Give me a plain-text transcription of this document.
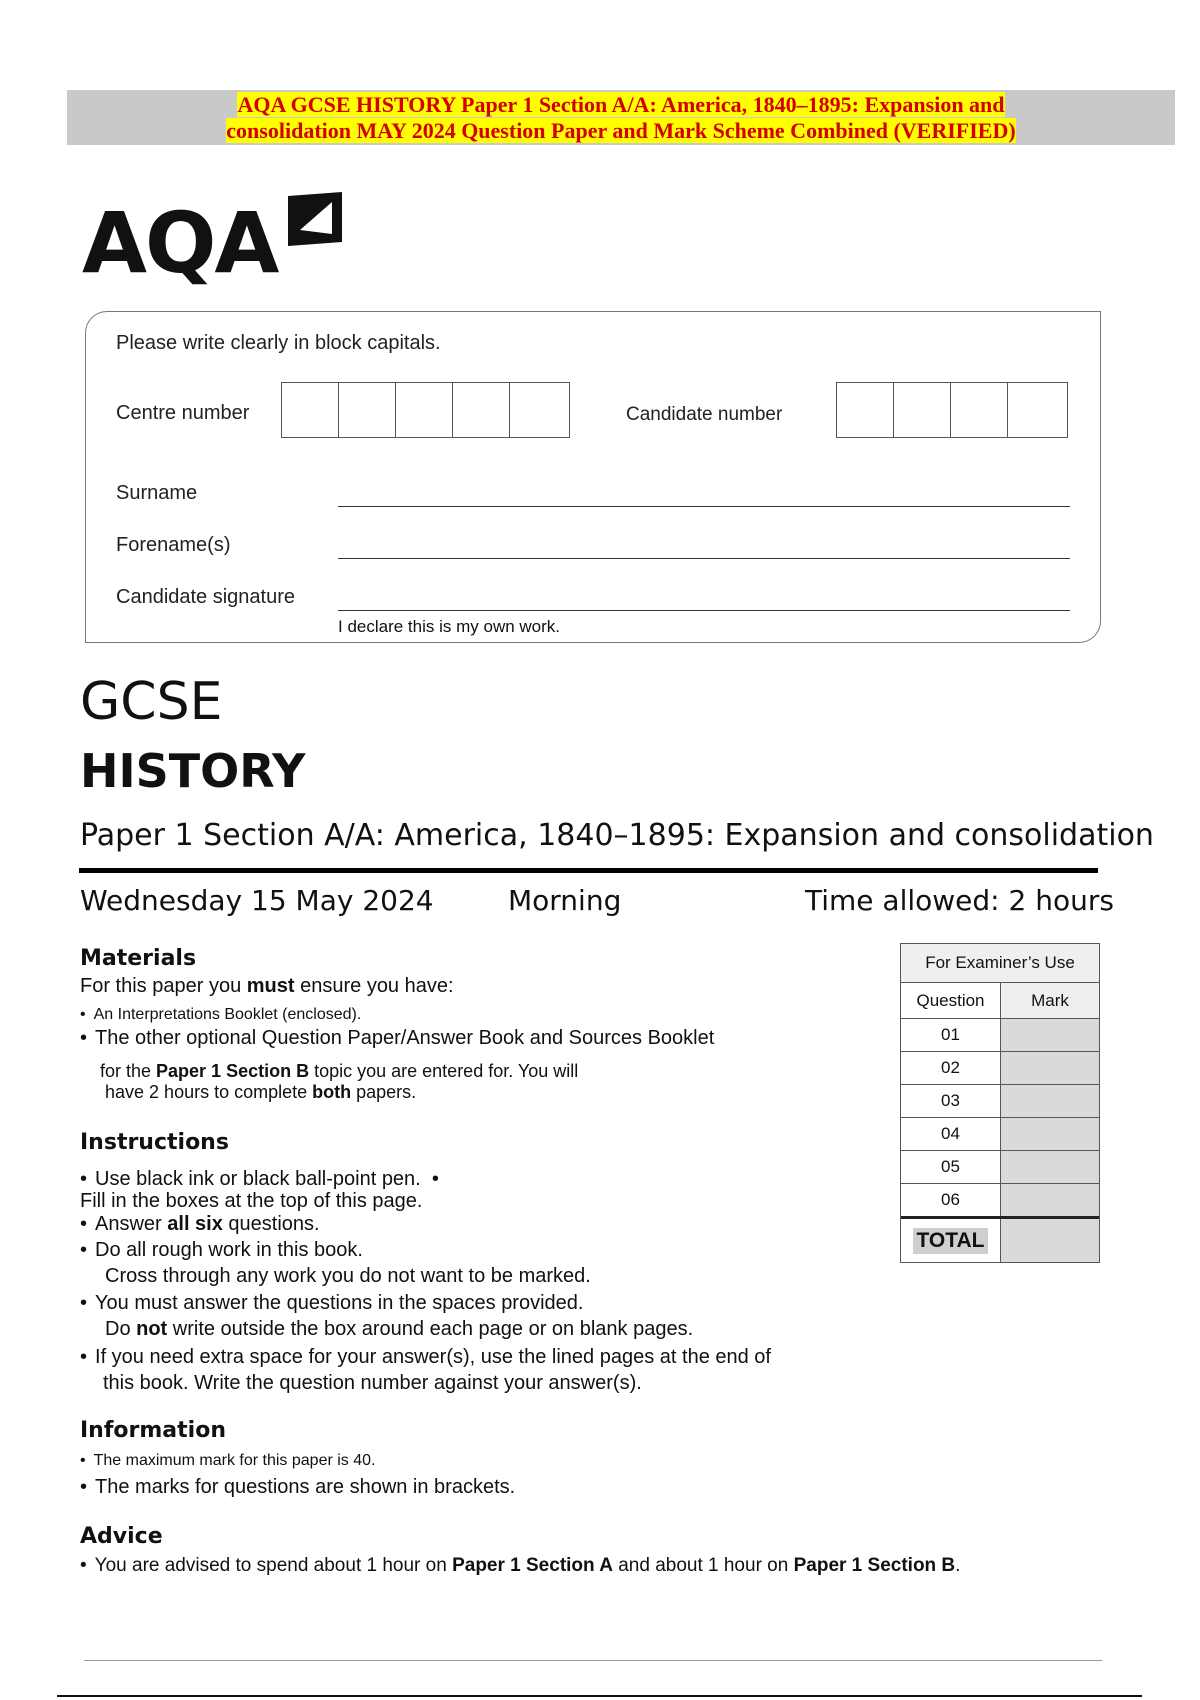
AQA GCSE HISTORY Paper 1 Section A/A: America, 1840–1895: Expansion and
consolidation MAY 2024 Question Paper and Mark Scheme Combined (VERIFIED)
AQA
Please write clearly in block capitals.
Centre number	Candidate number
Surname
Forename(s)
Candidate signature
I declare this is my own work.
GCSE
HISTORY
Paper 1 Section A/A: America, 1840–1895: Expansion and consolidation
Wednesday 15 May 2024	Morning	Time allowed: 2 hours
Materials
For this paper you must ensure you have:
• An Interpretations Booklet (enclosed).
• The other optional Question Paper/Answer Book and Sources Booklet
for the Paper 1 Section B topic you are entered for. You will
have 2 hours to complete both papers.
Instructions
• Use black ink or black ball-point pen.  •
Fill in the boxes at the top of this page.
• Answer all six questions.
• Do all rough work in this book.
Cross through any work you do not want to be marked.
• You must answer the questions in the spaces provided.
Do not write outside the box around each page or on blank pages.
• If you need extra space for your answer(s), use the lined pages at the end of
this book. Write the question number against your answer(s).
Information
• The maximum mark for this paper is 40.
• The marks for questions are shown in brackets.
Advice
• You are advised to spend about 1 hour on Paper 1 Section A and about 1 hour on Paper 1 Section B.
For Examiner’s Use
Question	Mark
01
02
03
04
05
06
TOTAL
